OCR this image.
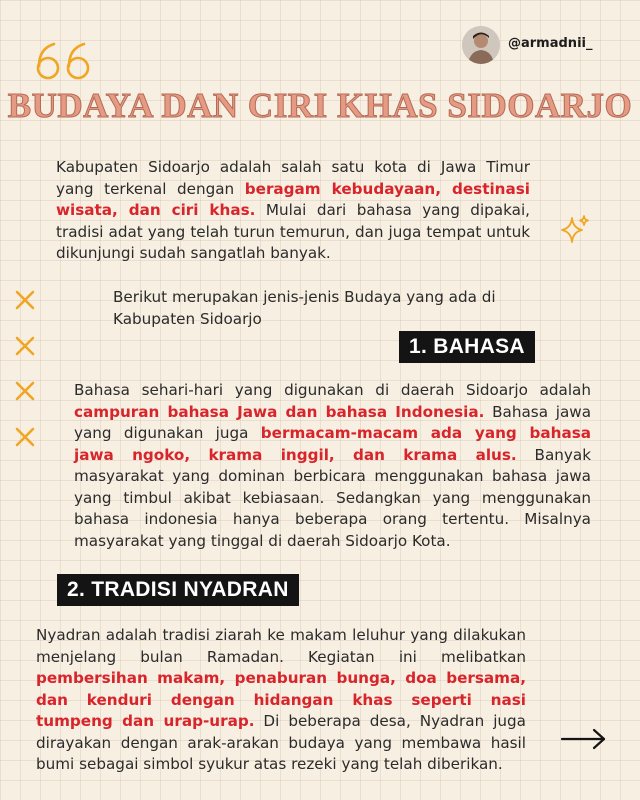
@armadnii_
BUDAYA DAN CIRI KHAS SIDOARJO
Kabupaten Sidoarjo adalah salah satu kota di Jawa Timur yang terkenal dengan beragam kebudayaan, destinasi wisata, dan ciri khas. Mulai dari bahasa yang dipakai, tradisi adat yang telah turun temurun, dan juga tempat untuk dikunjungi sudah sangatlah banyak.
Berikut merupakan jenis-jenis Budaya yang ada di Kabupaten Sidoarjo
1. BAHASA
Bahasa sehari-hari yang digunakan di daerah Sidoarjo adalah campuran bahasa Jawa dan bahasa Indonesia. Bahasa jawa yang digunakan juga bermacam-macam ada yang bahasa jawa ngoko, krama inggil, dan krama alus. Banyak masyarakat yang dominan berbicara menggunakan bahasa jawa yang timbul akibat kebiasaan. Sedangkan yang menggunakan bahasa indonesia hanya beberapa orang tertentu. Misalnya masyarakat yang tinggal di daerah Sidoarjo Kota.
2. TRADISI NYADRAN
Nyadran adalah tradisi ziarah ke makam leluhur yang dilakukan menjelang bulan Ramadan. Kegiatan ini melibatkan pembersihan makam, penaburan bunga, doa bersama, dan kenduri dengan hidangan khas seperti nasi tumpeng dan urap-urap. Di beberapa desa, Nyadran juga dirayakan dengan arak-arakan budaya yang membawa hasil bumi sebagai simbol syukur atas rezeki yang telah diberikan.
